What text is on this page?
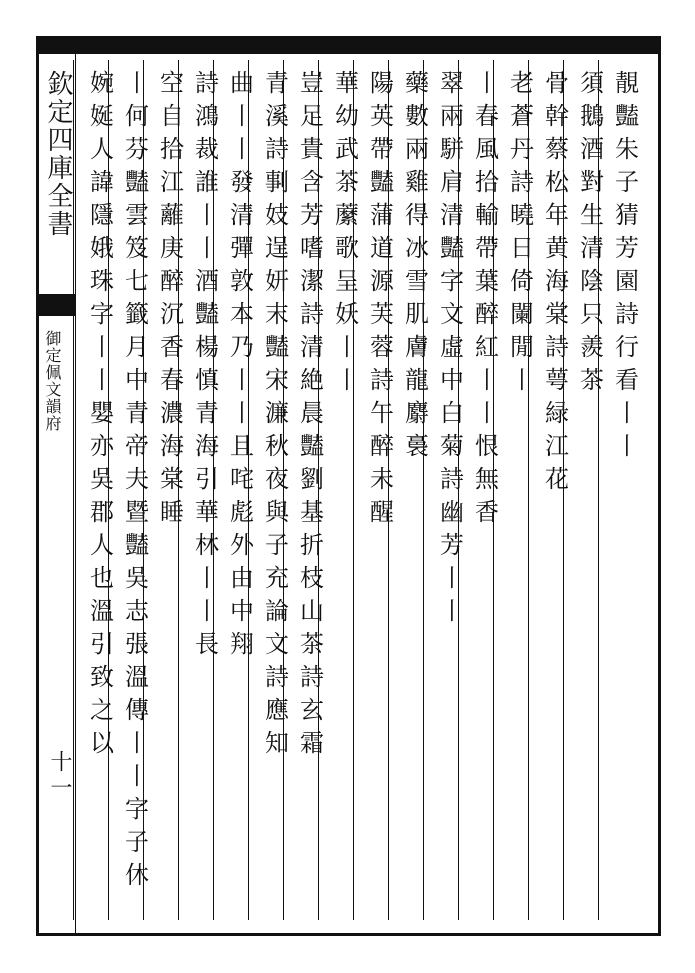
欽定四庫全書
御定佩文韻府
十一
靚豔朱子猜芳園詩行看丨丨
須鵝酒對生清陰只羨茶
骨幹蔡松年黄海棠詩萼緑江花
老蒼丹詩曉日倚闌閒丨
丨春風拾輸帶葉醉紅丨丨恨無香
翠兩駢肩清豔字文虛中白菊詩幽芳丨丨
藥數兩雞得冰雪肌膚龍麝裛
陽英帶豔蒲道源芙蓉詩午醉未醒
華幼武茶䕷歌呈妖丨丨
豈足貴含芳嗜潔詩清絶晨豔劉基折枝山茶詩玄霜
青溪詩剚妓逞妍末豔宋濂秋夜與子充論文詩應知
曲丨丨發清彈敦本乃丨丨且咤彪外由中翔
詩鴻裁誰丨丨酒豔楊慎青海引華林丨丨長
空自拾江蘺庚醉沉香春濃海棠睡
丨何芬豔雲笈七籤月中青帝夫暨豔吳志張溫傳丨丨字子休
婉娫人諱隱娥珠字丨丨嬰亦吳郡人也溫引致之以
